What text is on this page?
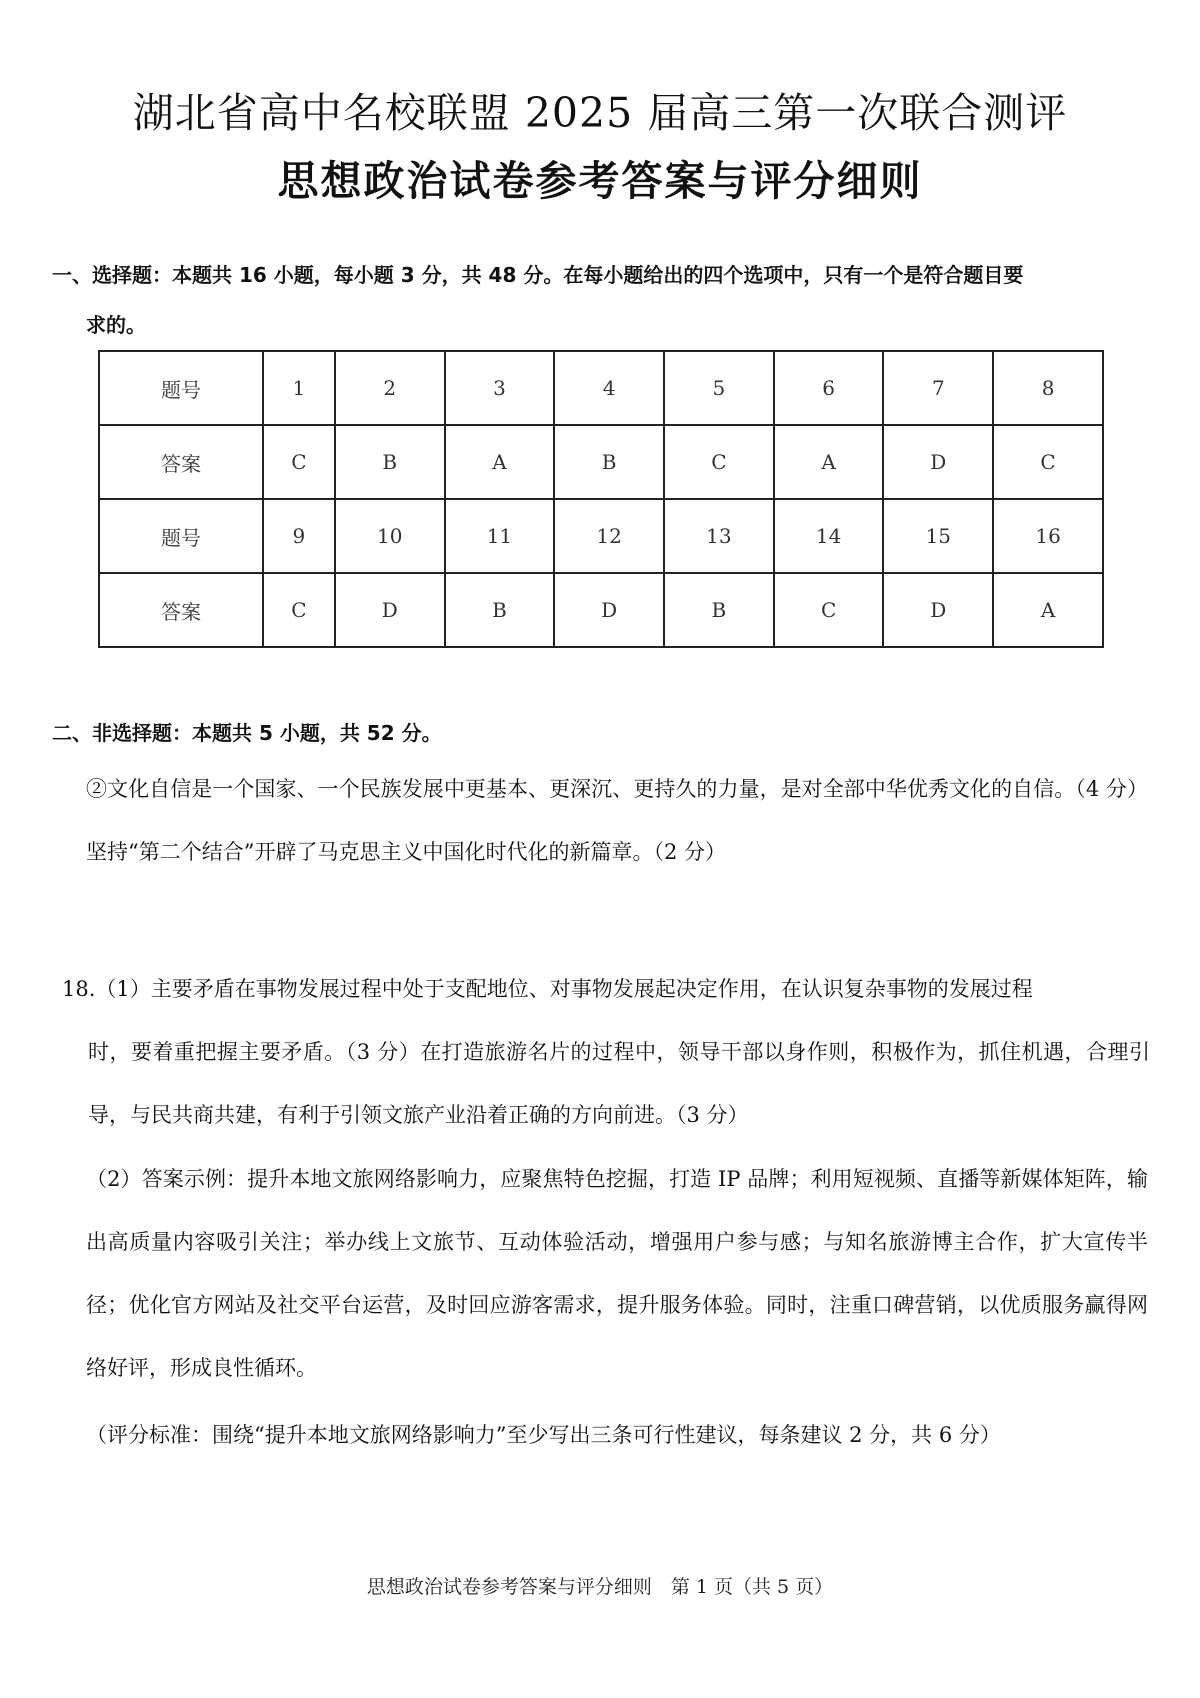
湖北省高中名校联盟 2025 届高三第一次联合测评
思想政治试卷参考答案与评分细则
一、选择题：本题共 16 小题，每小题 3 分，共 48 分。在每小题给出的四个选项中，只有一个是符合题目要
求的。
题号	1	2	3	4	5	6	7	8
答案	C	B	A	B	C	A	D	C
题号	9	10	11	12	13	14	15	16
答案	C	D	B	D	B	C	D	A
二、非选择题：本题共 5 小题，共 52 分。
②文化自信是一个国家、一个民族发展中更基本、更深沉、更持久的力量，是对全部中华优秀文化的自信。（4 分）坚持“第二个结合”开辟了马克思主义中国化时代化的新篇章。（2 分）
18.（1）主要矛盾在事物发展过程中处于支配地位、对事物发展起决定作用，在认识复杂事物的发展过程
时，要着重把握主要矛盾。（3 分）在打造旅游名片的过程中，领导干部以身作则，积极作为，抓住机遇，合理引导，与民共商共建，有利于引领文旅产业沿着正确的方向前进。（3 分）
（2）答案示例：提升本地文旅网络影响力，应聚焦特色挖掘，打造 IP 品牌；利用短视频、直播等新媒体矩阵，输出高质量内容吸引关注；举办线上文旅节、互动体验活动，增强用户参与感；与知名旅游博主合作，扩大宣传半径；优化官方网站及社交平台运营，及时回应游客需求，提升服务体验。同时，注重口碑营销，以优质服务赢得网络好评，形成良性循环。
（评分标准：围绕“提升本地文旅网络影响力”至少写出三条可行性建议，每条建议 2 分，共 6 分）
思想政治试卷参考答案与评分细则　第 1 页（共 5 页）
